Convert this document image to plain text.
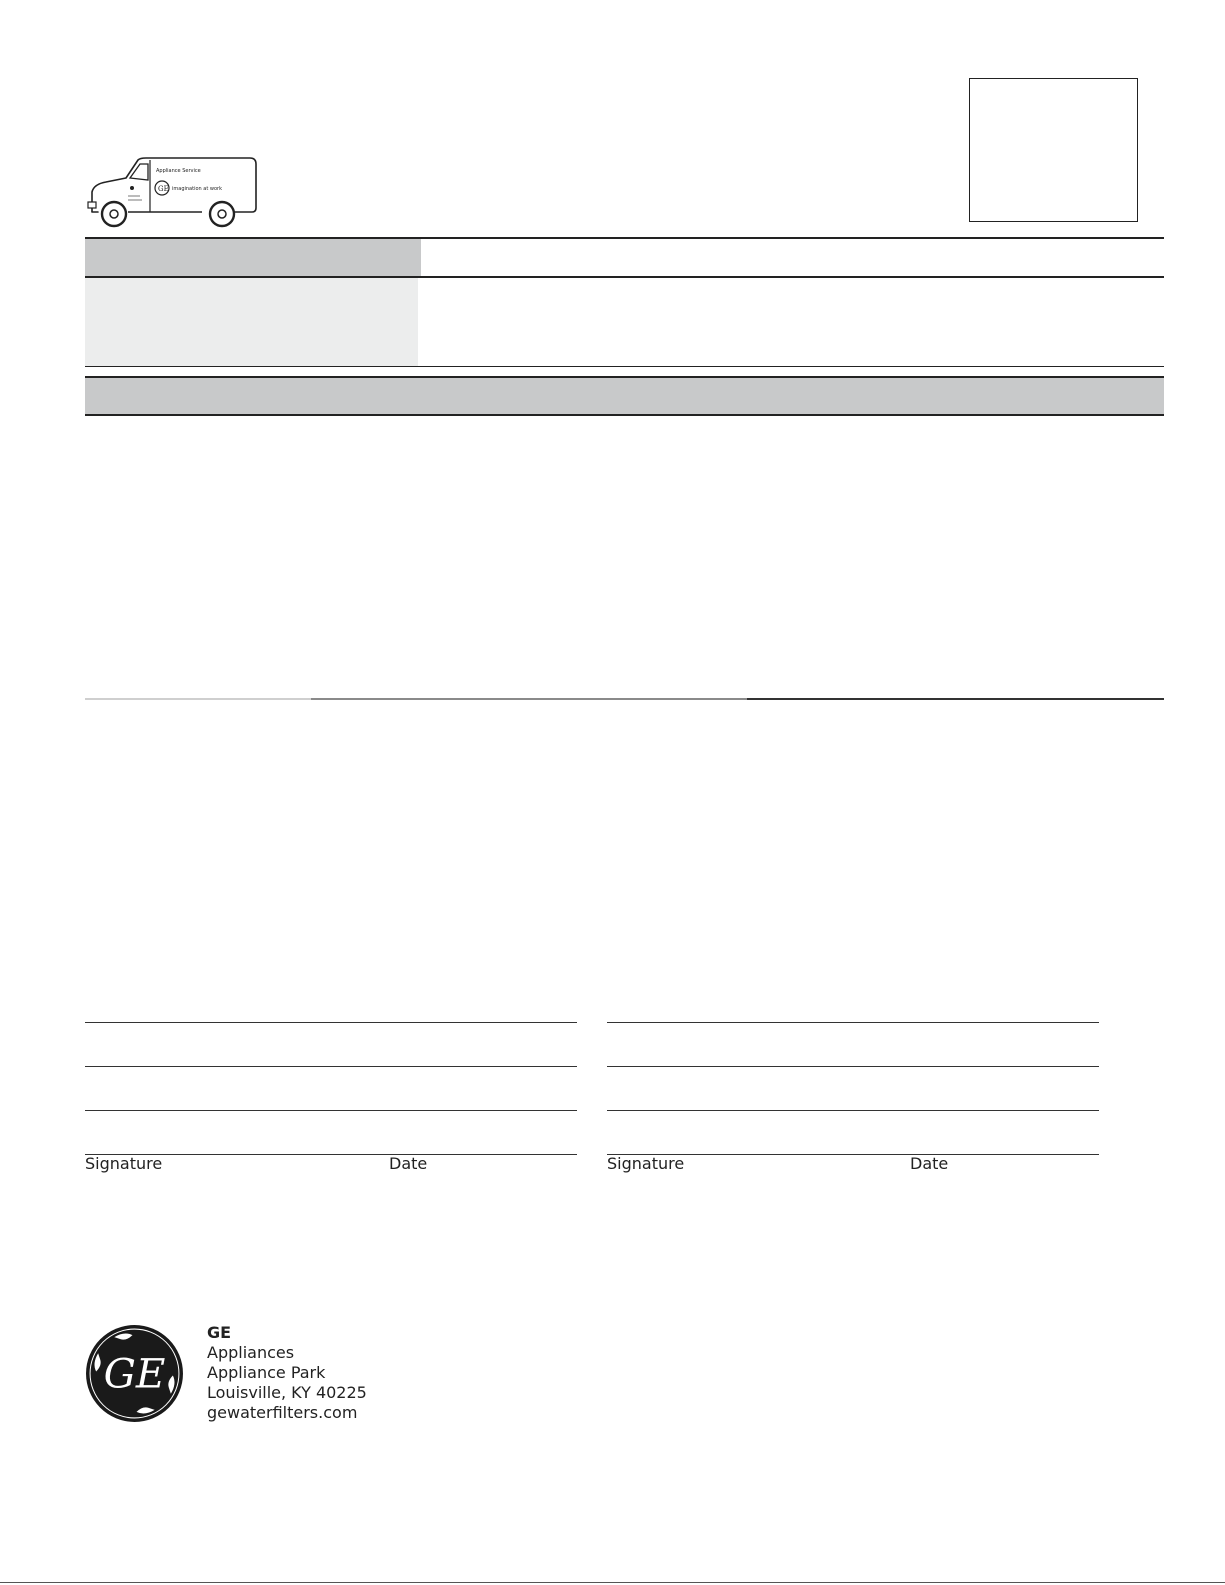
GE
Appliance Service
imagination at work
Signature	Date	Signature	Date
GE
GE
Appliances
Appliance Park
Louisville, KY 40225
gewaterfilters.com
